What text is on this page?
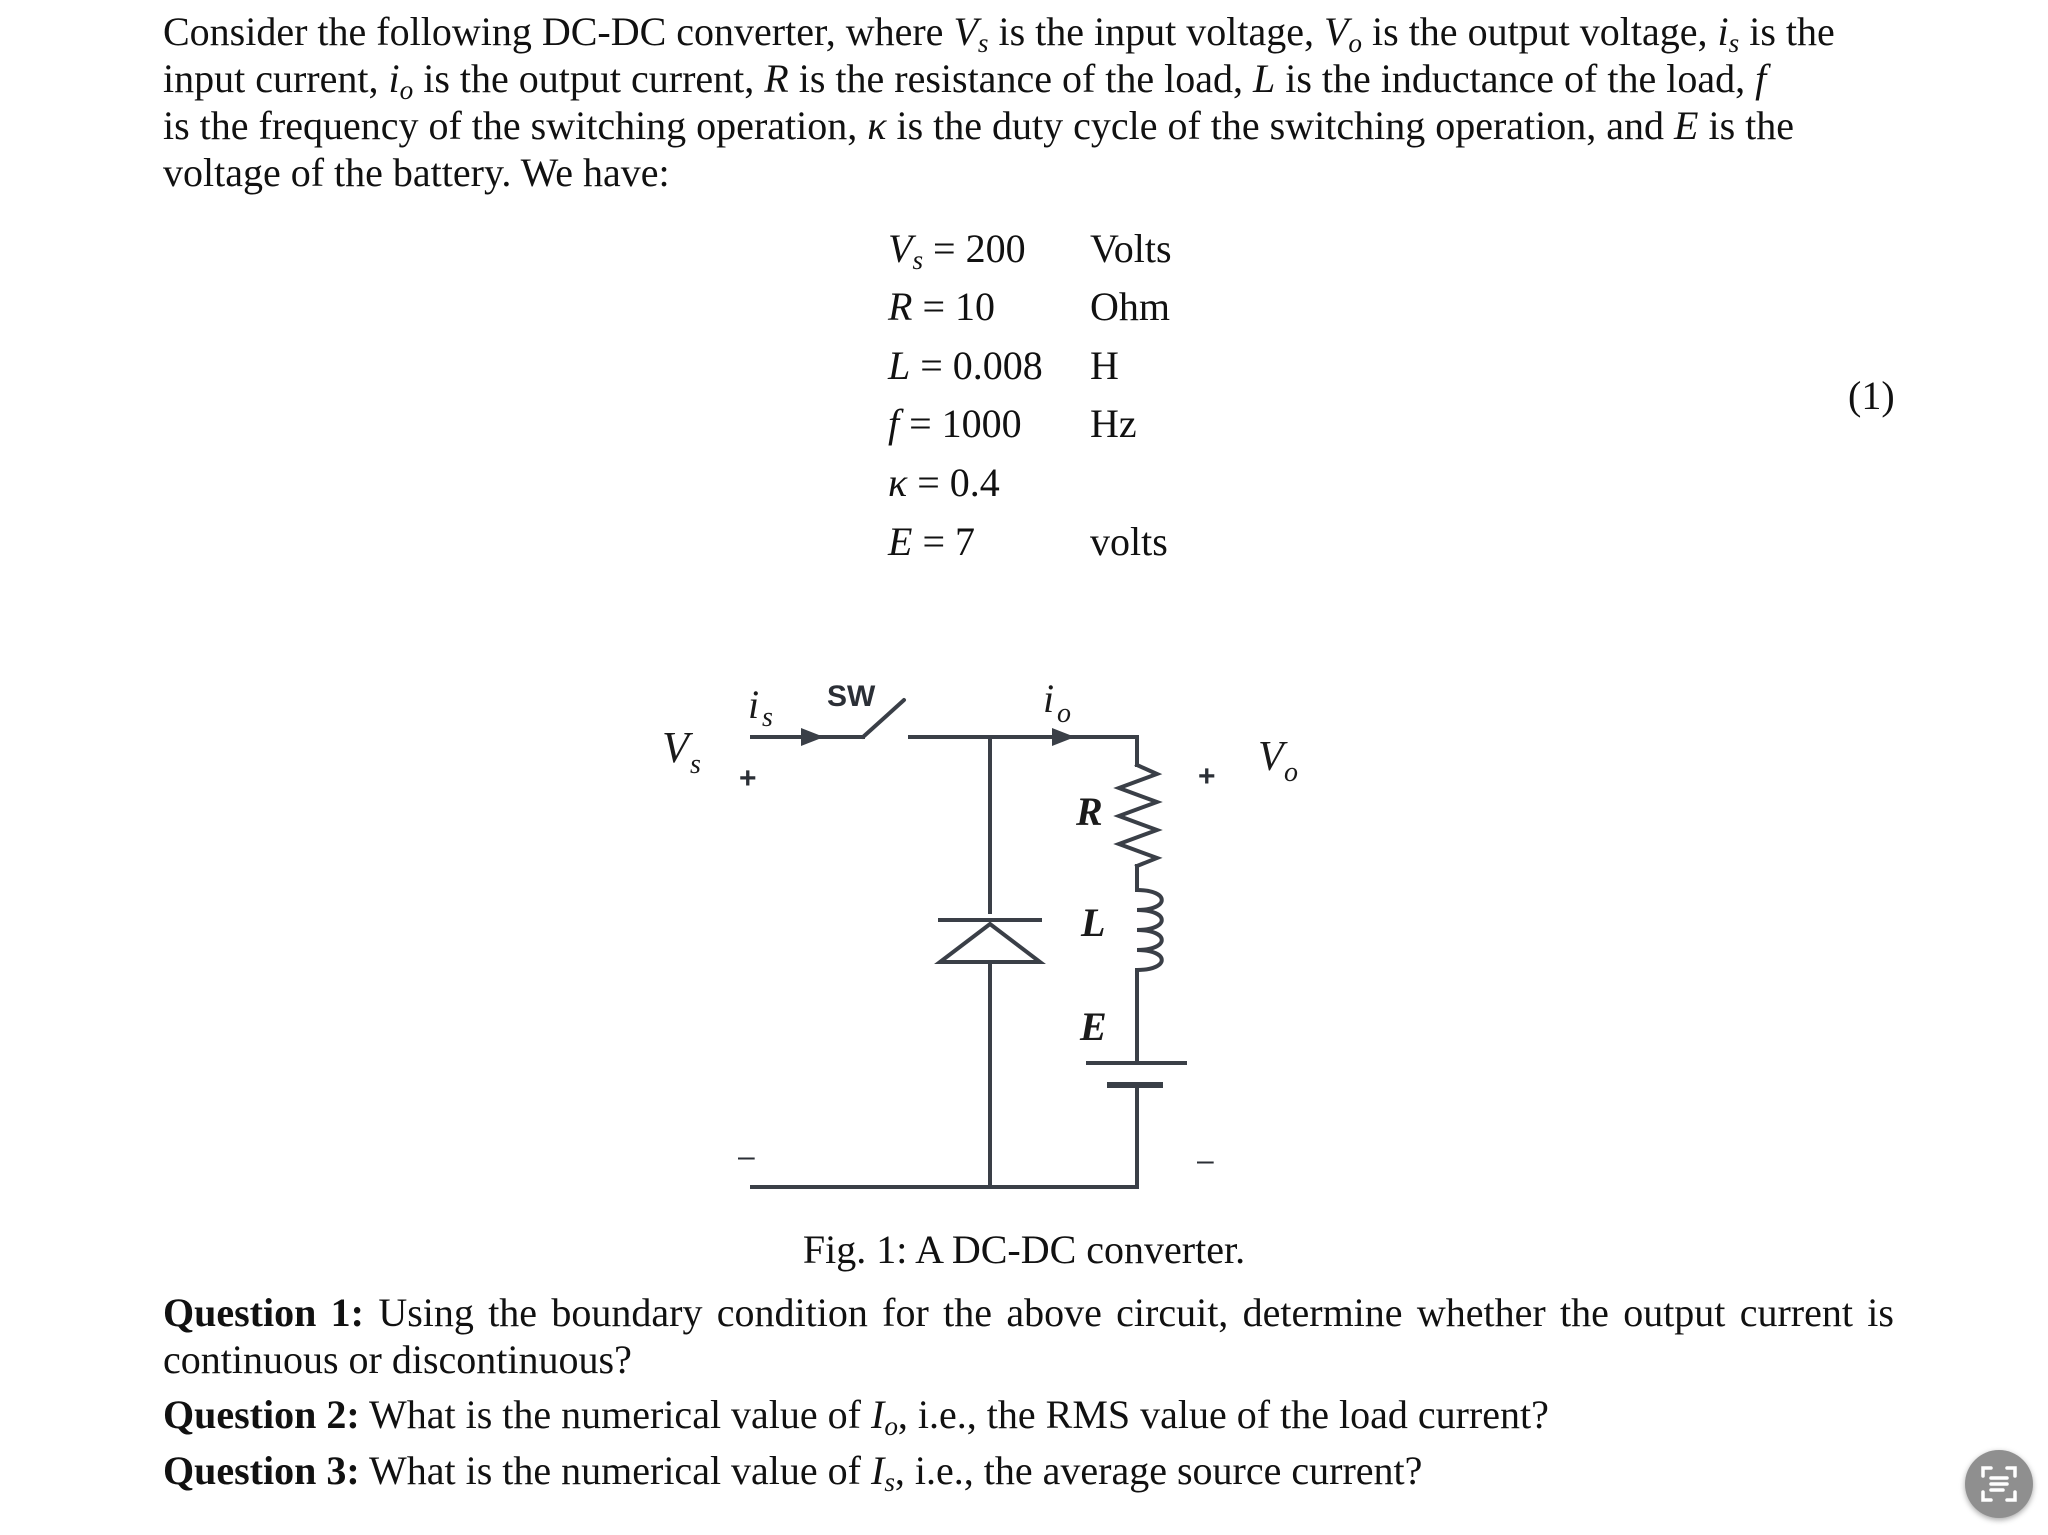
Consider the following DC-DC converter, where $V_s$ is the input voltage, $V_o$ is the output voltage, $i_s$ is the
input current, $i_o$ is the output current, R is the resistance of the load, L is the inductance of the load, f
is the frequency of the switching operation, κ is the duty cycle of the switching operation, and E is the
voltage of the battery. We have:
$V_s = 200$ Volts
R = 10 Ohm
L = 0.008 H
f = 1000 Hz
κ = 0.4
E = 7	volts
(1)
V s +
–
i s
SW	i o
R
L
E
+ V o
–
Fig. 1: A DC-DC converter.
Question 1: Using the boundary condition for the above circuit, determine whether the output current is continuous or discontinuous?
Question 2: What is the numerical value of $I_o$, i.e., the RMS value of the load current?
Question 3: What is the numerical value of $I_s$, i.e., the average source current?
